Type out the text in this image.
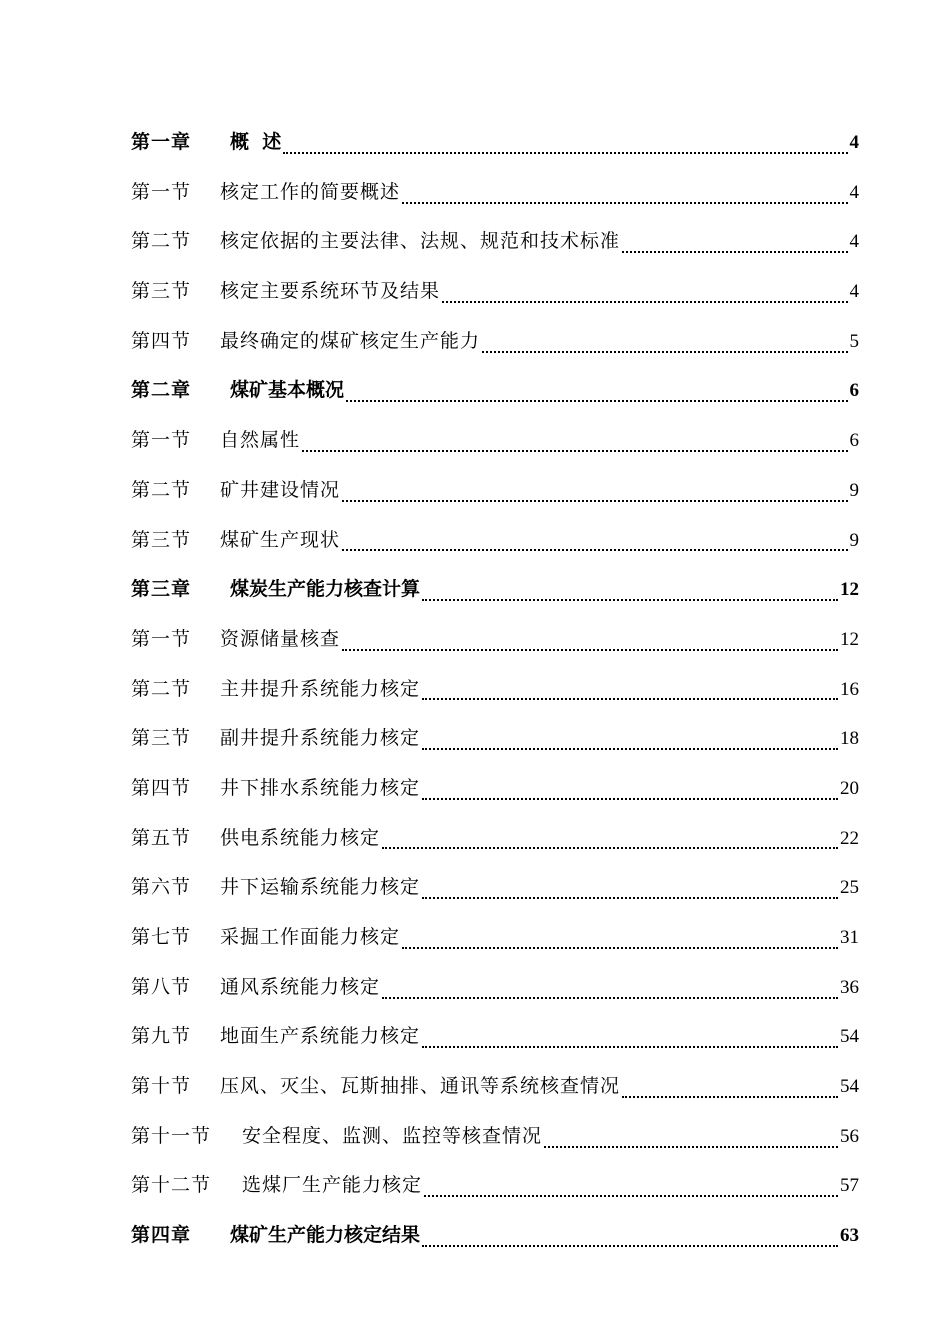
第一章	概  述	4
第一节	核定工作的简要概述	4
第二节	核定依据的主要法律、法规、规范和技术标准	4
第三节	核定主要系统环节及结果	4
第四节	最终确定的煤矿核定生产能力	5
第二章	煤矿基本概况	6
第一节	自然属性	6
第二节	矿井建设情况	9
第三节	煤矿生产现状	9
第三章	煤炭生产能力核查计算	12
第一节	资源储量核查	12
第二节	主井提升系统能力核定	16
第三节	副井提升系统能力核定	18
第四节	井下排水系统能力核定	20
第五节	供电系统能力核定	22
第六节	井下运输系统能力核定	25
第七节	采掘工作面能力核定	31
第八节	通风系统能力核定	36
第九节	地面生产系统能力核定	54
第十节	压风、灭尘、瓦斯抽排、通讯等系统核查情况	54
第十一节	安全程度、监测、监控等核查情况	56
第十二节	选煤厂生产能力核定	57
第四章	煤矿生产能力核定结果	63
